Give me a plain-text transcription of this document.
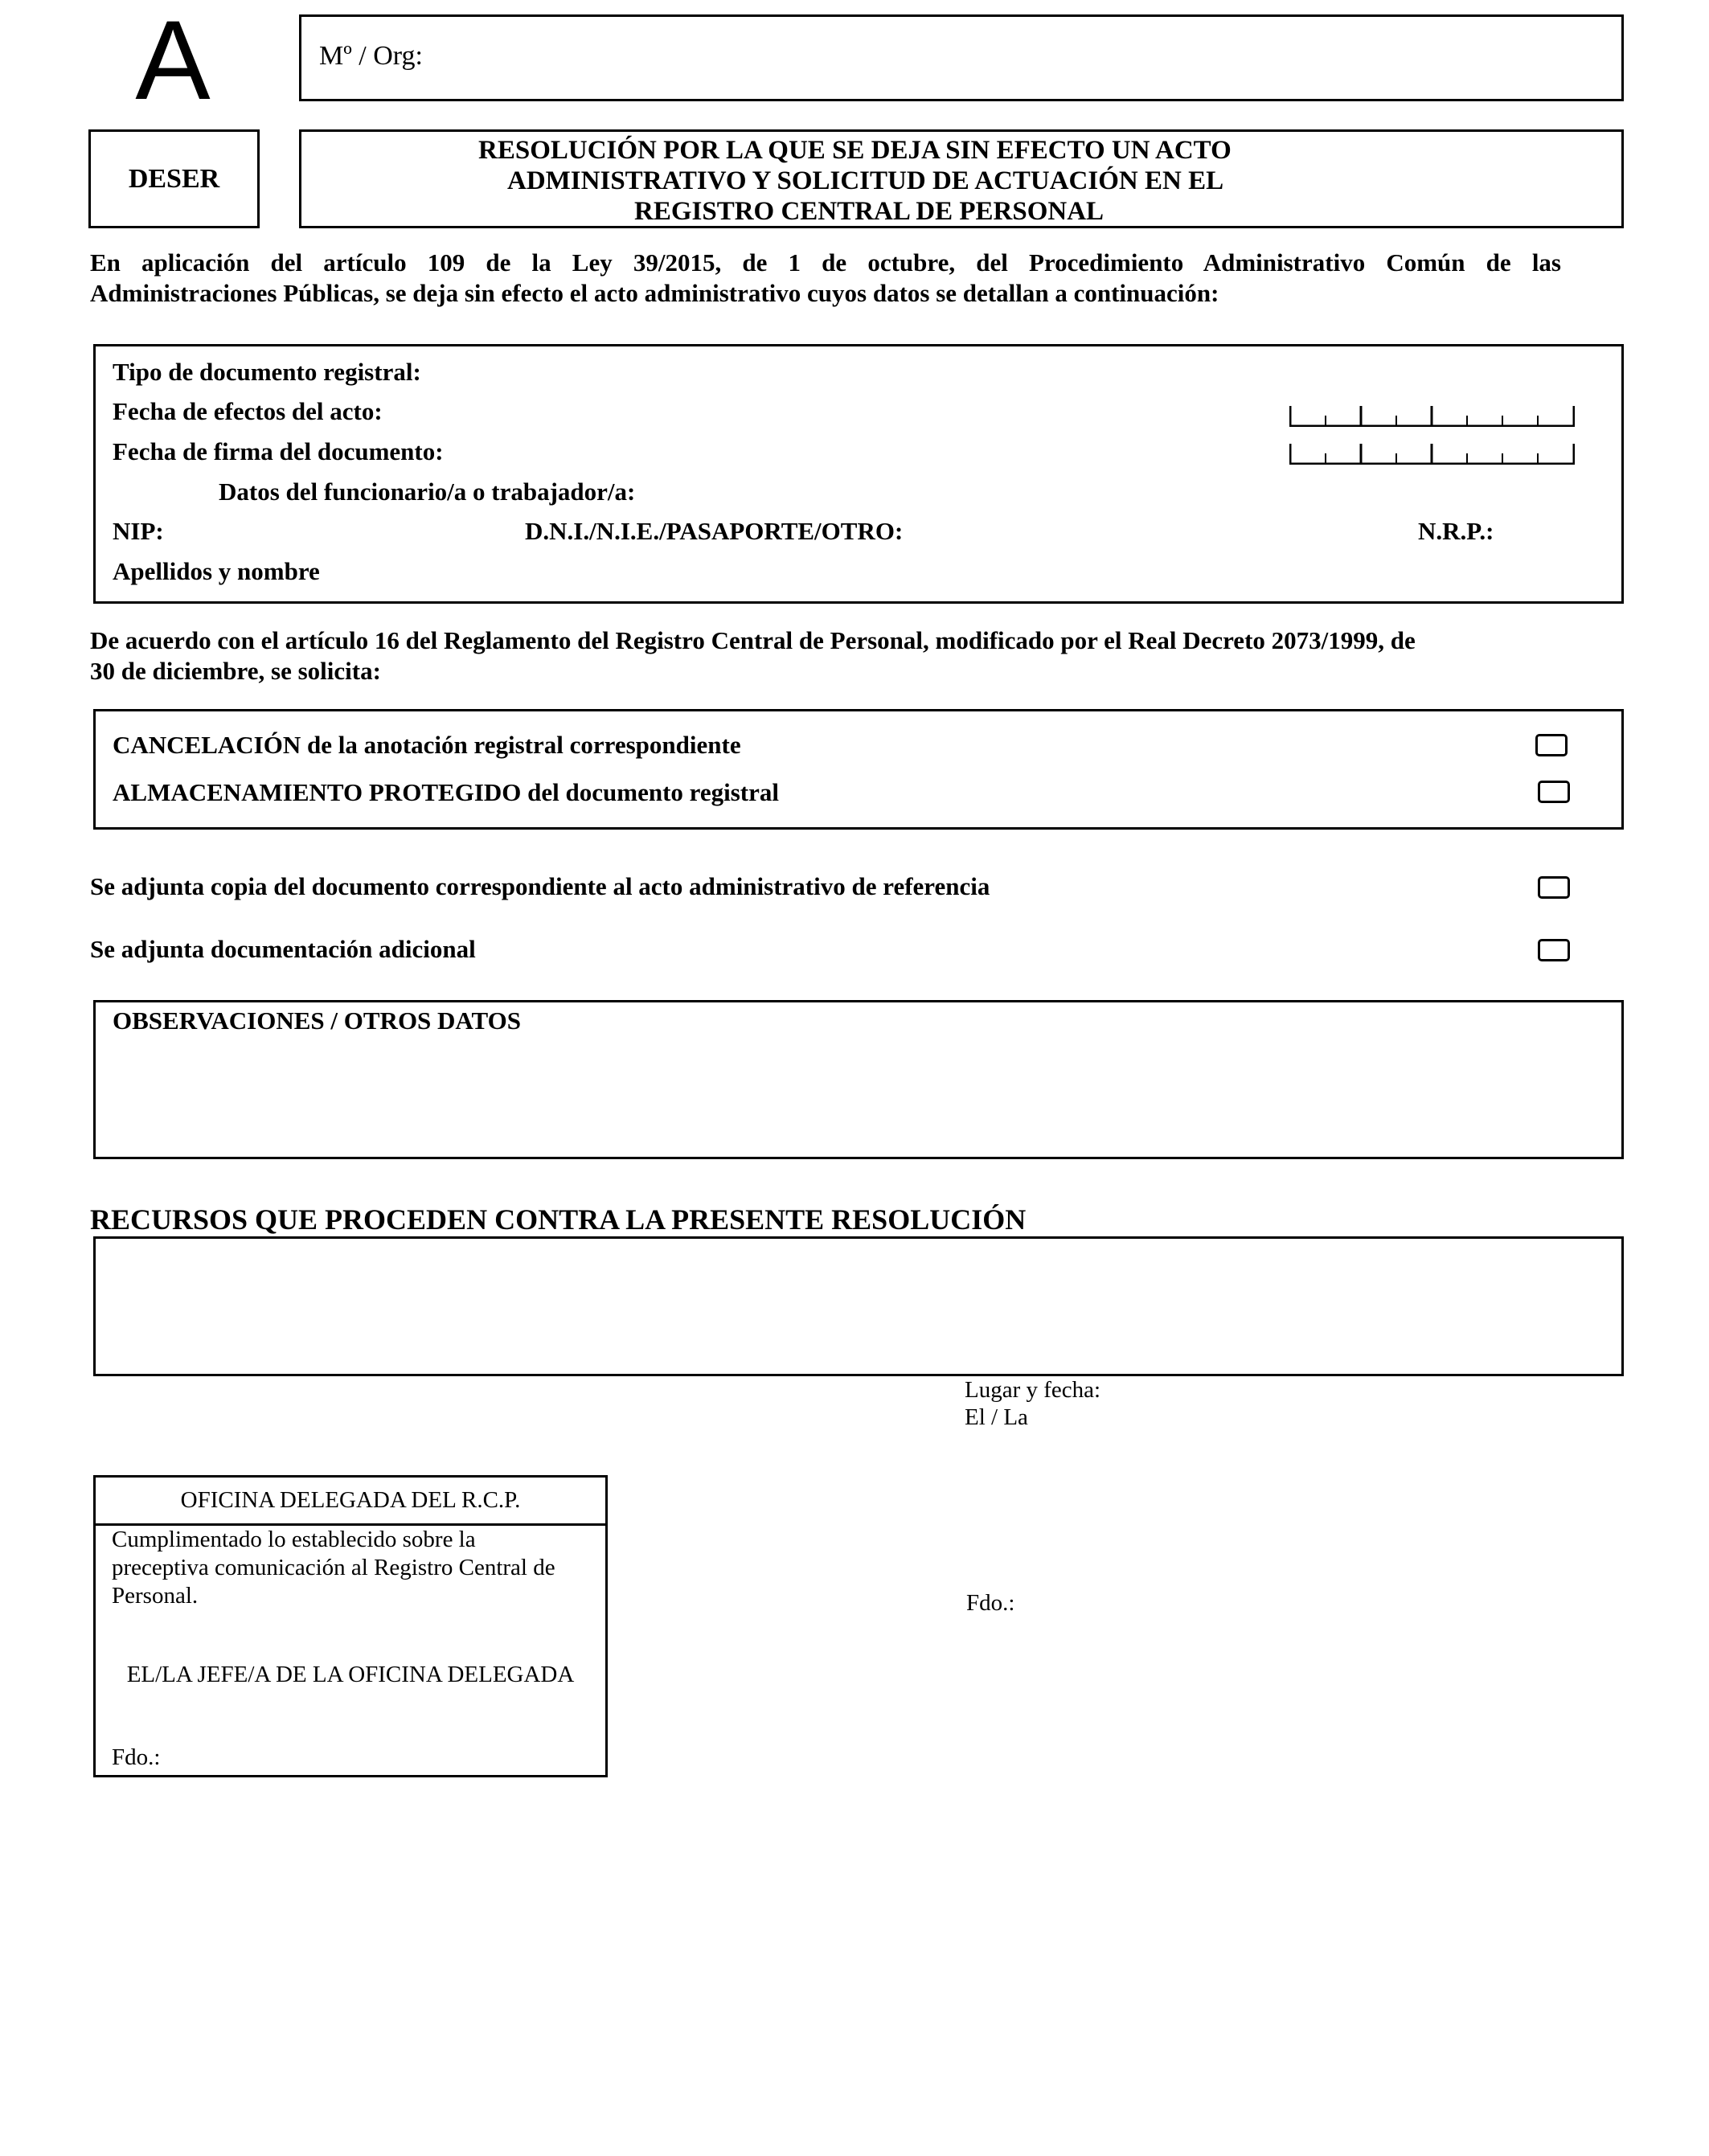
A	Mº / Org:
DESER
RESOLUCIÓN POR LA QUE SE DEJA SIN EFECTO UN ACTO
ADMINISTRATIVO Y SOLICITUD DE ACTUACIÓN EN EL
REGISTRO CENTRAL DE PERSONAL
En aplicación del artículo 109 de la Ley 39/2015, de 1 de octubre, del Procedimiento Administrativo Común de las
Administraciones Públicas, se deja sin efecto el acto administrativo cuyos datos se detallan a continuación:
Tipo de documento registral:
Fecha de efectos del acto:
Fecha de firma del documento:
Datos del funcionario/a o trabajador/a:
NIP:	D.N.I./N.I.E./PASAPORTE/OTRO:	N.R.P.:
Apellidos y nombre
De acuerdo con el artículo 16 del Reglamento del Registro Central de Personal, modificado por el Real Decreto 2073/1999, de
30 de diciembre, se solicita:
CANCELACIÓN de la anotación registral correspondiente
ALMACENAMIENTO PROTEGIDO del documento registral
Se adjunta copia del documento correspondiente al acto administrativo de referencia
Se adjunta documentación adicional
OBSERVACIONES / OTROS DATOS
RECURSOS QUE PROCEDEN CONTRA LA PRESENTE RESOLUCIÓN
Lugar y fecha:
El / La
Fdo.:
OFICINA DELEGADA DEL R.C.P.
Cumplimentado lo establecido sobre la
preceptiva comunicación al Registro Central de
Personal.
EL/LA JEFE/A DE LA OFICINA DELEGADA
Fdo.:
